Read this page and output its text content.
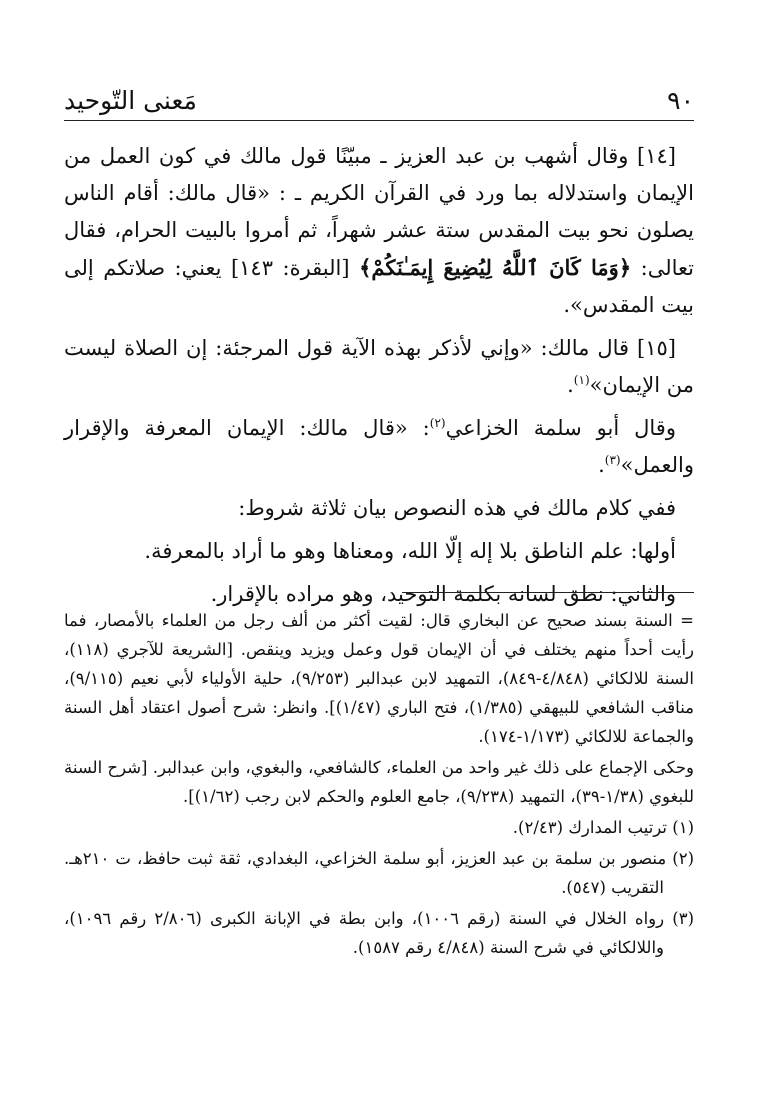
٩٠
مَعنى التّوحيد

[١٤] وقال أشهب بن عبد العزيز ـ مبيّنًا قول مالك في كون العمل من الإيمان واستدلاله بما ورد في القرآن الكريم ـ : «قال مالك: أقام الناس يصلون نحو بيت المقدس ستة عشر شهراً، ثم أمروا بالبيت الحرام، فقال تعالى: ﴿وَمَا كَانَ ٱللَّهُ لِيُضِيعَ إِيمَـٰنَكُمْ﴾ [البقرة: ١٤٣] يعني: صلاتكم إلى بيت المقدس».

[١٥] قال مالك: «وإني لأذكر بهذه الآية قول المرجئة: إن الصلاة ليست من الإيمان»$^{(١)}$.

وقال أبو سلمة الخزاعي$^{(٢)}$: «قال مالك: الإيمان المعرفة والإقرار والعمل»$^{(٣)}$.

ففي كلام مالك في هذه النصوص بيان ثلاثة شروط:

أولها: علم الناطق بلا إله إلّا الله، ومعناها وهو ما أراد بالمعرفة.

والثاني: نطق لسانه بكلمة التوحيد، وهو مراده بالإقرار.

= السنة بسند صحيح عن البخاري قال: لقيت أكثر من ألف رجل من العلماء بالأمصار، فما رأيت أحداً منهم يختلف في أن الإيمان قول وعمل ويزيد وينقص. [الشريعة للآجري (١١٨)، السنة للالكائي (٤/٨٤٨-٨٤٩)، التمهيد لابن عبدالبر (٩/٢٥٣)، حلية الأولياء لأبي نعيم (٩/١١٥)، مناقب الشافعي للبيهقي (١/٣٨٥)، فتح الباري (١/٤٧)]. وانظر: شرح أصول اعتقاد أهل السنة والجماعة للالكائي (١/١٧٣-١٧٤).

وحكى الإجماع على ذلك غير واحد من العلماء، كالشافعي، والبغوي، وابن عبدالبر. [شرح السنة للبغوي (١/٣٨-٣٩)، التمهيد (٩/٢٣٨)، جامع العلوم والحكم لابن رجب (١/٦٢)].

(١) ترتيب المدارك (٢/٤٣).

(٢) منصور بن سلمة بن عبد العزيز، أبو سلمة الخزاعي، البغدادي، ثقة ثبت حافظ، ت ٢١٠هـ. التقريب (٥٤٧).

(٣) رواه الخلال في السنة (رقم ١٠٠٦)، وابن بطة في الإبانة الكبرى (٢/٨٠٦ رقم ١٠٩٦)، واللالكائي في شرح السنة (٤/٨٤٨ رقم ١٥٨٧).
